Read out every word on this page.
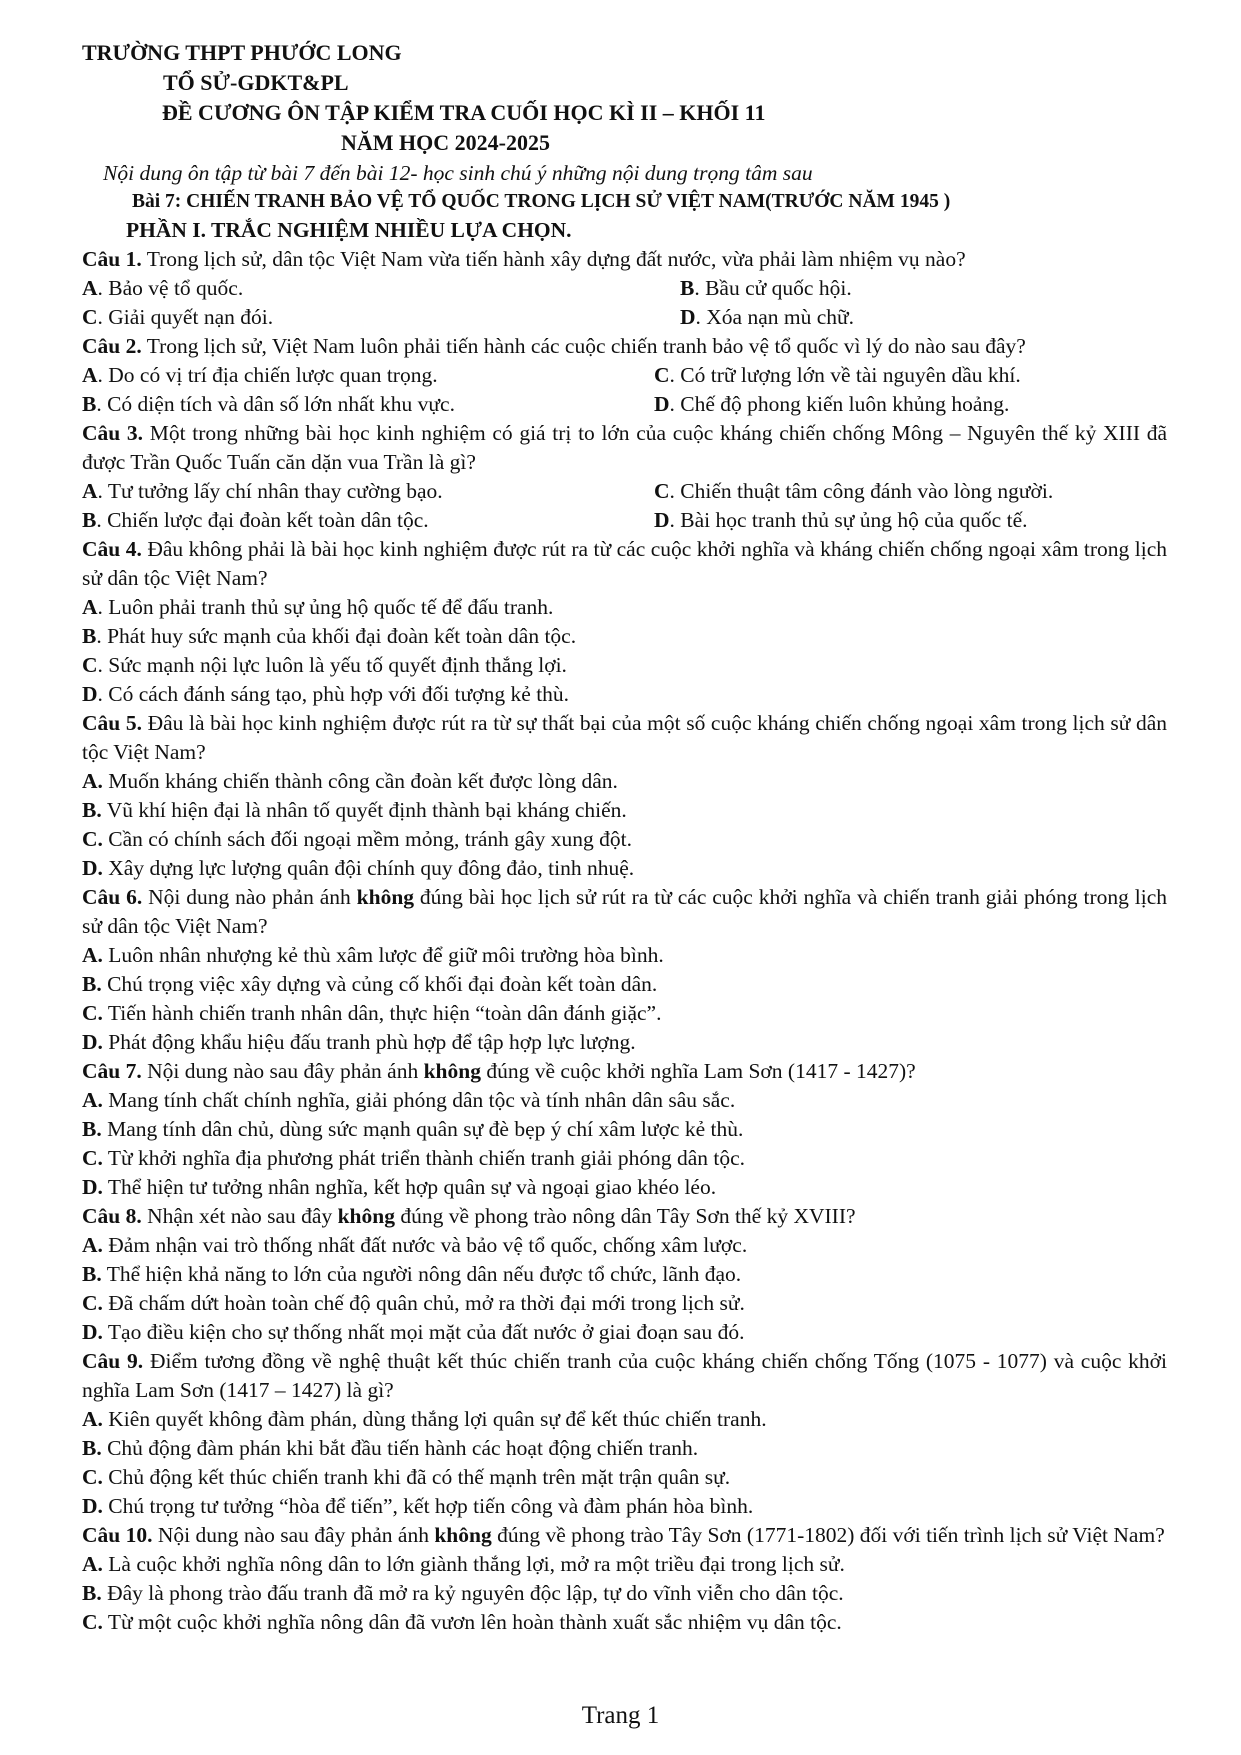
TRƯỜNG THPT PHƯỚC LONG
TỔ SỬ-GDKT&PL
ĐỀ CƯƠNG ÔN TẬP KIỂM TRA CUỐI HỌC KÌ II – KHỐI 11
NĂM HỌC 2024-2025
Nội dung ôn tập từ bài 7 đến bài 12- học sinh chú ý những nội dung trọng tâm sau
Bài 7: CHIẾN TRANH BẢO VỆ TỔ QUỐC TRONG LỊCH SỬ VIỆT NAM(TRƯỚC NĂM 1945 )
PHẦN I. TRẮC NGHIỆM NHIỀU LỰA CHỌN.
Câu 1. Trong lịch sử, dân tộc Việt Nam vừa tiến hành xây dựng đất nước, vừa phải làm nhiệm vụ nào?
A. Bảo vệ tổ quốc.	B. Bầu cử quốc hội.
C. Giải quyết nạn đói.	D. Xóa nạn mù chữ.
Câu 2. Trong lịch sử, Việt Nam luôn phải tiến hành các cuộc chiến tranh bảo vệ tổ quốc vì lý do nào sau đây?
A. Do có vị trí địa chiến lược quan trọng.	C. Có trữ lượng lớn về tài nguyên dầu khí.
B. Có diện tích và dân số lớn nhất khu vực.	D. Chế độ phong kiến luôn khủng hoảng.
Câu 3. Một trong những bài học kinh nghiệm có giá trị to lớn của cuộc kháng chiến chống Mông – Nguyên thế kỷ XIII đã được Trần Quốc Tuấn căn dặn vua Trần là gì?
A. Tư tưởng lấy chí nhân thay cường bạo.	C. Chiến thuật tâm công đánh vào lòng người.
B. Chiến lược đại đoàn kết toàn dân tộc.	D. Bài học tranh thủ sự ủng hộ của quốc tế.
Câu 4. Đâu không phải là bài học kinh nghiệm được rút ra từ các cuộc khởi nghĩa và kháng chiến chống ngoại xâm trong lịch sử dân tộc Việt Nam?
A. Luôn phải tranh thủ sự ủng hộ quốc tế để đấu tranh.
B. Phát huy sức mạnh của khối đại đoàn kết toàn dân tộc.
C. Sức mạnh nội lực luôn là yếu tố quyết định thắng lợi.
D. Có cách đánh sáng tạo, phù hợp với đối tượng kẻ thù.
Câu 5. Đâu là bài học kinh nghiệm được rút ra từ sự thất bại của một số cuộc kháng chiến chống ngoại xâm trong lịch sử dân tộc Việt Nam?
A. Muốn kháng chiến thành công cần đoàn kết được lòng dân.
B. Vũ khí hiện đại là nhân tố quyết định thành bại kháng chiến.
C. Cần có chính sách đối ngoại mềm mỏng, tránh gây xung đột.
D. Xây dựng lực lượng quân đội chính quy đông đảo, tinh nhuệ.
Câu 6. Nội dung nào phản ánh không đúng bài học lịch sử rút ra từ các cuộc khởi nghĩa và chiến tranh giải phóng trong lịch sử dân tộc Việt Nam?
A. Luôn nhân nhượng kẻ thù xâm lược để giữ môi trường hòa bình.
B. Chú trọng việc xây dựng và củng cố khối đại đoàn kết toàn dân.
C. Tiến hành chiến tranh nhân dân, thực hiện “toàn dân đánh giặc”.
D. Phát động khẩu hiệu đấu tranh phù hợp để tập hợp lực lượng.
Câu 7. Nội dung nào sau đây phản ánh không đúng về cuộc khởi nghĩa Lam Sơn (1417 - 1427)?
A. Mang tính chất chính nghĩa, giải phóng dân tộc và tính nhân dân sâu sắc.
B. Mang tính dân chủ, dùng sức mạnh quân sự đè bẹp ý chí xâm lược kẻ thù.
C. Từ khởi nghĩa địa phương phát triển thành chiến tranh giải phóng dân tộc.
D. Thể hiện tư tưởng nhân nghĩa, kết hợp quân sự và ngoại giao khéo léo.
Câu 8. Nhận xét nào sau đây không đúng về phong trào nông dân Tây Sơn thế kỷ XVIII?
A. Đảm nhận vai trò thống nhất đất nước và bảo vệ tổ quốc, chống xâm lược.
B. Thể hiện khả năng to lớn của người nông dân nếu được tổ chức, lãnh đạo.
C. Đã chấm dứt hoàn toàn chế độ quân chủ, mở ra thời đại mới trong lịch sử.
D. Tạo điều kiện cho sự thống nhất mọi mặt của đất nước ở giai đoạn sau đó.
Câu 9. Điểm tương đồng về nghệ thuật kết thúc chiến tranh của cuộc kháng chiến chống Tống (1075 - 1077) và cuộc khởi nghĩa Lam Sơn (1417 – 1427) là gì?
A. Kiên quyết không đàm phán, dùng thắng lợi quân sự để kết thúc chiến tranh.
B. Chủ động đàm phán khi bắt đầu tiến hành các hoạt động chiến tranh.
C. Chủ động kết thúc chiến tranh khi đã có thế mạnh trên mặt trận quân sự.
D. Chú trọng tư tưởng “hòa để tiến”, kết hợp tiến công và đàm phán hòa bình.
Câu 10. Nội dung nào sau đây phản ánh không đúng về phong trào Tây Sơn (1771-1802) đối với tiến trình lịch sử Việt Nam?
A. Là cuộc khởi nghĩa nông dân to lớn giành thắng lợi, mở ra một triều đại trong lịch sử.
B. Đây là phong trào đấu tranh đã mở ra kỷ nguyên độc lập, tự do vĩnh viễn cho dân tộc.
C. Từ một cuộc khởi nghĩa nông dân đã vươn lên hoàn thành xuất sắc nhiệm vụ dân tộc.
Trang 1
